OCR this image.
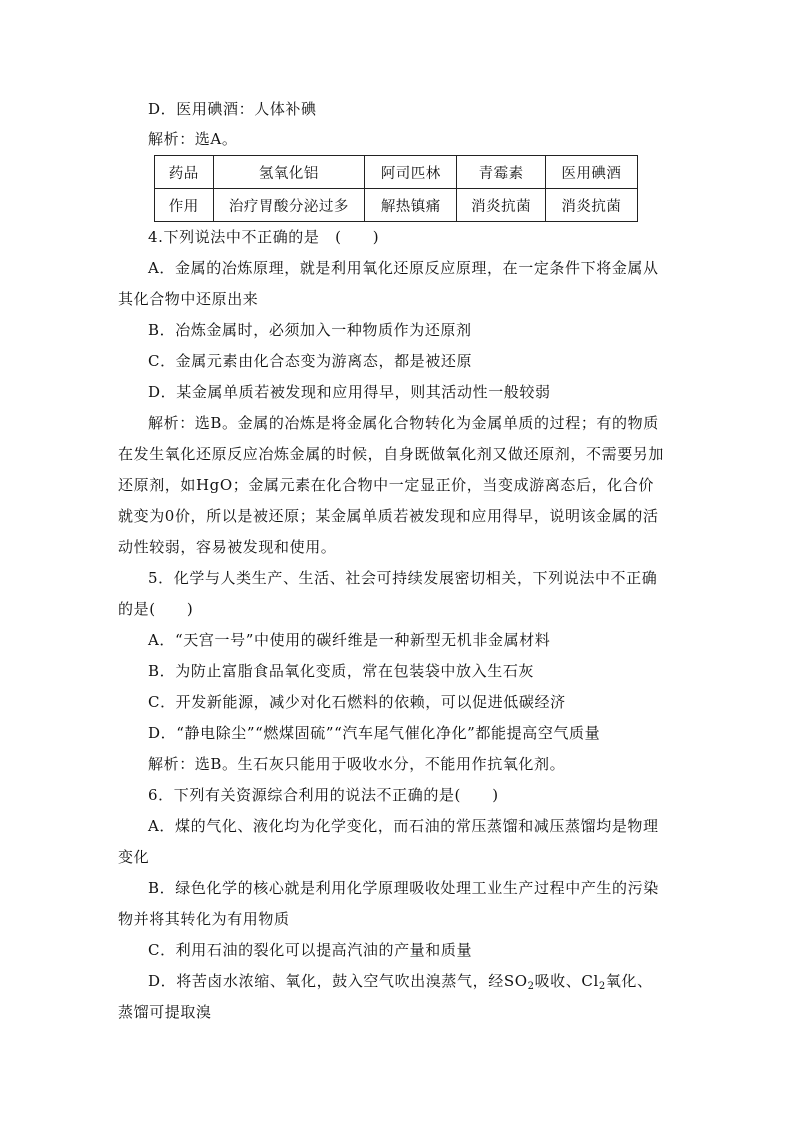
D．医用碘酒：人体补碘
解析：选A。
药品	氢氧化铝	阿司匹林	青霉素	医用碘酒
作用	治疗胃酸分泌过多	解热镇痛	消炎抗菌	消炎抗菌
4.下列说法中不正确的是　(　　)
A．金属的冶炼原理，就是利用氧化还原反应原理，在一定条件下将金属从
其化合物中还原出来
B．冶炼金属时，必须加入一种物质作为还原剂
C．金属元素由化合态变为游离态，都是被还原
D．某金属单质若被发现和应用得早，则其活动性一般较弱
解析：选B。金属的冶炼是将金属化合物转化为金属单质的过程；有的物质
在发生氧化还原反应冶炼金属的时候，自身既做氧化剂又做还原剂，不需要另加
还原剂，如HgO；金属元素在化合物中一定显正价，当变成游离态后，化合价
就变为0价，所以是被还原；某金属单质若被发现和应用得早，说明该金属的活
动性较弱，容易被发现和使用。
5．化学与人类生产、生活、社会可持续发展密切相关，下列说法中不正确
的是(　　)
A．“天宫一号”中使用的碳纤维是一种新型无机非金属材料
B．为防止富脂食品氧化变质，常在包装袋中放入生石灰
C．开发新能源，减少对化石燃料的依赖，可以促进低碳经济
D．“静电除尘”“燃煤固硫”“汽车尾气催化净化”都能提高空气质量
解析：选B。生石灰只能用于吸收水分，不能用作抗氧化剂。
6．下列有关资源综合利用的说法不正确的是(　　)
A．煤的气化、液化均为化学变化，而石油的常压蒸馏和减压蒸馏均是物理
变化
B．绿色化学的核心就是利用化学原理吸收处理工业生产过程中产生的污染
物并将其转化为有用物质
C．利用石油的裂化可以提高汽油的产量和质量
D．将苦卤水浓缩、氧化，鼓入空气吹出溴蒸气，经$SO_2$吸收、$Cl_2$氧化、
蒸馏可提取溴
